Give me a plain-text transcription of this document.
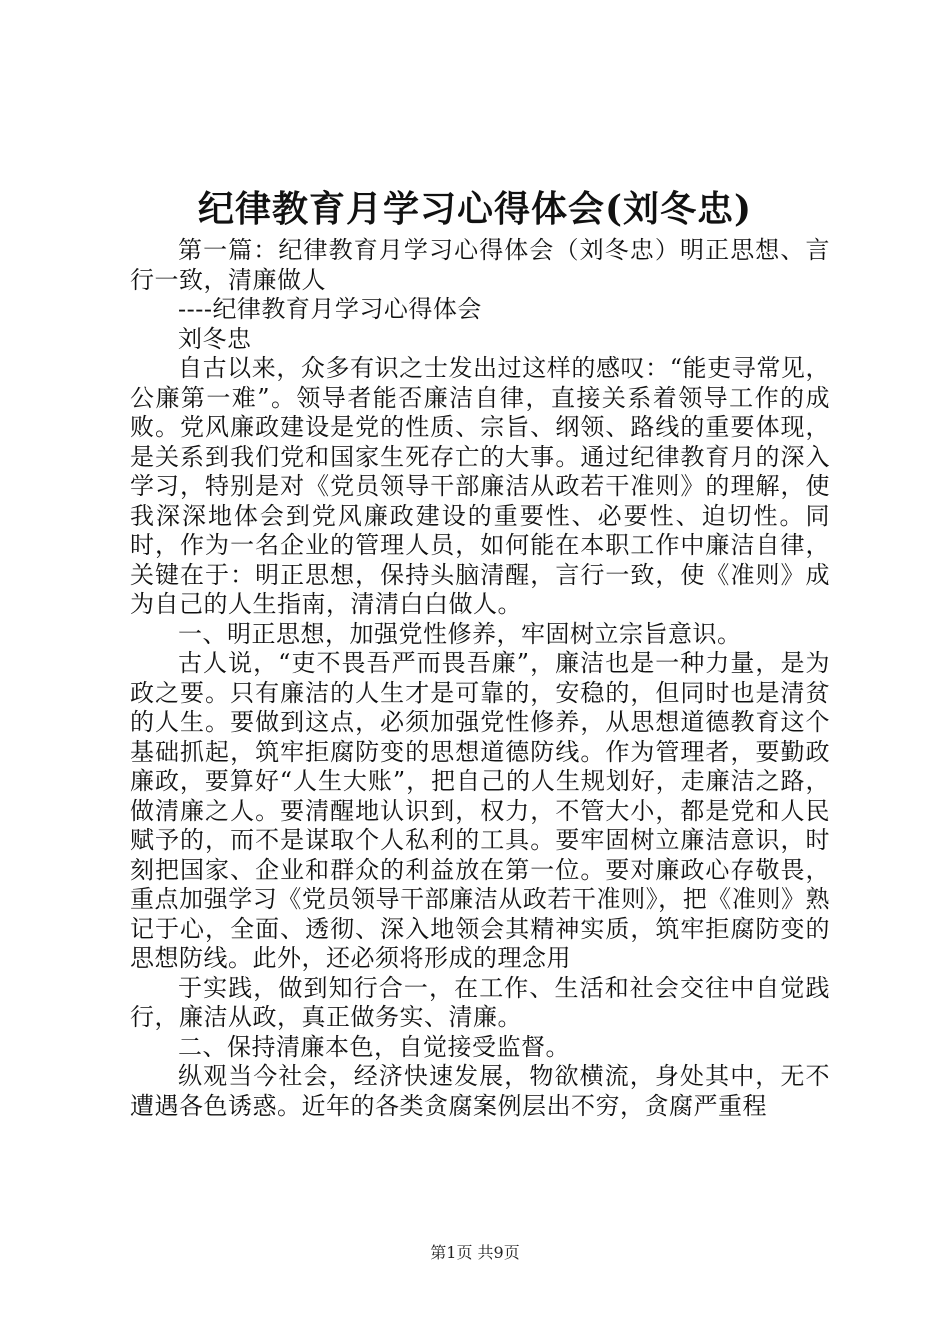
纪律教育月学习心得体会(刘冬忠)

第一篇：纪律教育月学习心得体会（刘冬忠）明正思想、言行一致，清廉做人

----纪律教育月学习心得体会

刘冬忠

自古以来，众多有识之士发出过这样的感叹：“能吏寻常见，公廉第一难”。领导者能否廉洁自律，直接关系着领导工作的成败。党风廉政建设是党的性质、宗旨、纲领、路线的重要体现，是关系到我们党和国家生死存亡的大事。通过纪律教育月的深入学习，特别是对《党员领导干部廉洁从政若干准则》的理解，使我深深地体会到党风廉政建设的重要性、必要性、迫切性。同时，作为一名企业的管理人员，如何能在本职工作中廉洁自律，关键在于：明正思想，保持头脑清醒，言行一致，使《准则》成为自己的人生指南，清清白白做人。

一、明正思想，加强党性修养，牢固树立宗旨意识。

古人说，“吏不畏吾严而畏吾廉”，廉洁也是一种力量，是为政之要。只有廉洁的人生才是可靠的，安稳的，但同时也是清贫的人生。要做到这点，必须加强党性修养，从思想道德教育这个基础抓起，筑牢拒腐防变的思想道德防线。作为管理者，要勤政廉政，要算好“人生大账”，把自己的人生规划好，走廉洁之路，做清廉之人。要清醒地认识到，权力，不管大小，都是党和人民赋予的，而不是谋取个人私利的工具。要牢固树立廉洁意识，时刻把国家、企业和群众的利益放在第一位。要对廉政心存敬畏，重点加强学习《党员领导干部廉洁从政若干准则》，把《准则》熟记于心，全面、透彻、深入地领会其精神实质，筑牢拒腐防变的思想防线。此外，还必须将形成的理念用

于实践，做到知行合一，在工作、生活和社会交往中自觉践行，廉洁从政，真正做务实、清廉。

二、保持清廉本色，自觉接受监督。

纵观当今社会，经济快速发展，物欲横流，身处其中，无不遭遇各色诱惑。近年的各类贪腐案例层出不穷，贪腐严重程

第1页 共9页
